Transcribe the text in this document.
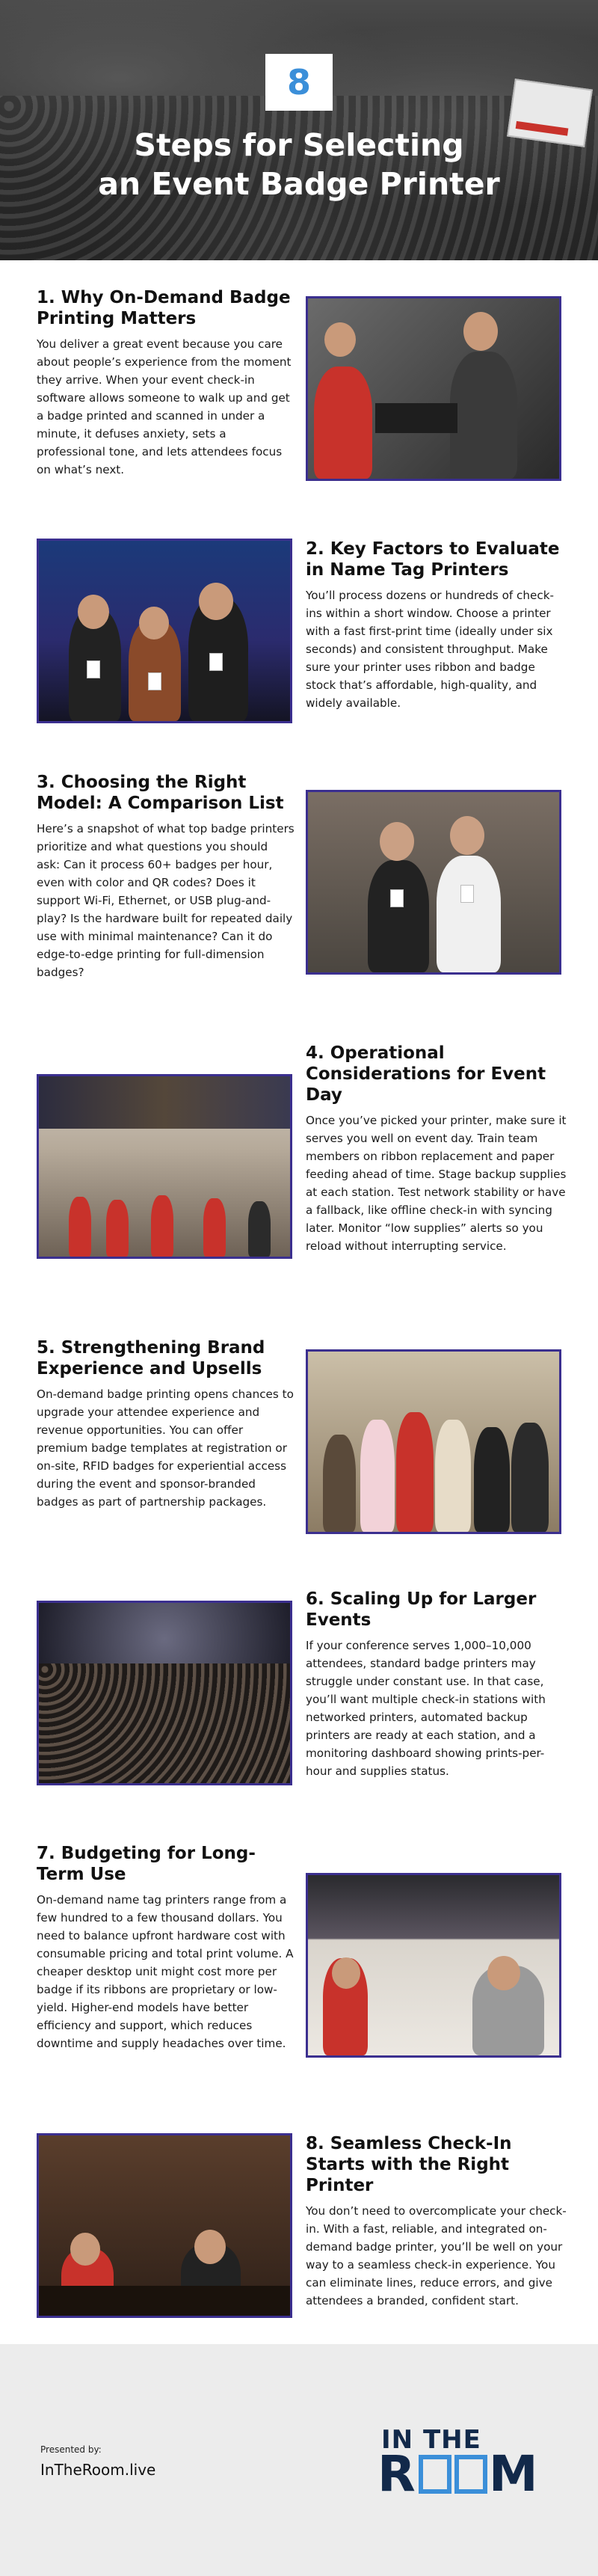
8
Steps for Selecting
an Event Badge Printer
1. Why On-Demand Badge Printing Matters

You deliver a great event because you care about people’s experience from the moment they arrive. When your event check-in software allows someone to walk up and get a badge printed and scanned in under a minute, it defuses anxiety, sets a professional tone, and lets attendees focus on what’s next.

2. Key Factors to Evaluate in Name Tag Printers

You’ll process dozens or hundreds of check-ins within a short window. Choose a printer with a fast first-print time (ideally under six seconds) and consistent throughput. Make sure your printer uses ribbon and badge stock that’s affordable, high-quality, and widely available.

3. Choosing the Right Model: A Comparison List

Here’s a snapshot of what top badge printers prioritize and what questions you should ask: Can it process 60+ badges per hour, even with color and QR codes? Does it support Wi-Fi, Ethernet, or USB plug-and-play? Is the hardware built for repeated daily use with minimal maintenance? Can it do edge-to-edge printing for full-dimension badges?

4. Operational Considerations for Event Day

Once you’ve picked your printer, make sure it serves you well on event day. Train team members on ribbon replacement and paper feeding ahead of time. Stage backup supplies at each station. Test network stability or have a fallback, like offline check-in with syncing later. Monitor “low supplies” alerts so you reload without interrupting service.

5. Strengthening Brand Experience and Upsells

On-demand badge printing opens chances to upgrade your attendee experience and revenue opportunities. You can offer premium badge templates at registration or on-site, RFID badges for experiential access during the event and sponsor-branded badges as part of partnership packages.

6. Scaling Up for Larger Events

If your conference serves 1,000–10,000 attendees, standard badge printers may struggle under constant use. In that case, you’ll want multiple check-in stations with networked printers, automated backup printers are ready at each station, and a monitoring dashboard showing prints-per-hour and supplies status.

7. Budgeting for Long-Term Use

On-demand name tag printers range from a few hundred to a few thousand dollars. You need to balance upfront hardware cost with consumable pricing and total print volume. A cheaper desktop unit might cost more per badge if its ribbons are proprietary or low-yield. Higher-end models have better efficiency and support, which reduces downtime and supply headaches over time.

8. Seamless Check-In Starts with the Right Printer

You don’t need to overcomplicate your check-in. With a fast, reliable, and integrated on-demand badge printer, you’ll be well on your way to a seamless check-in experience. You can eliminate lines, reduce errors, and give attendees a branded, confident start.

Presented by:
InTheRoom.live
IN THE
R M
